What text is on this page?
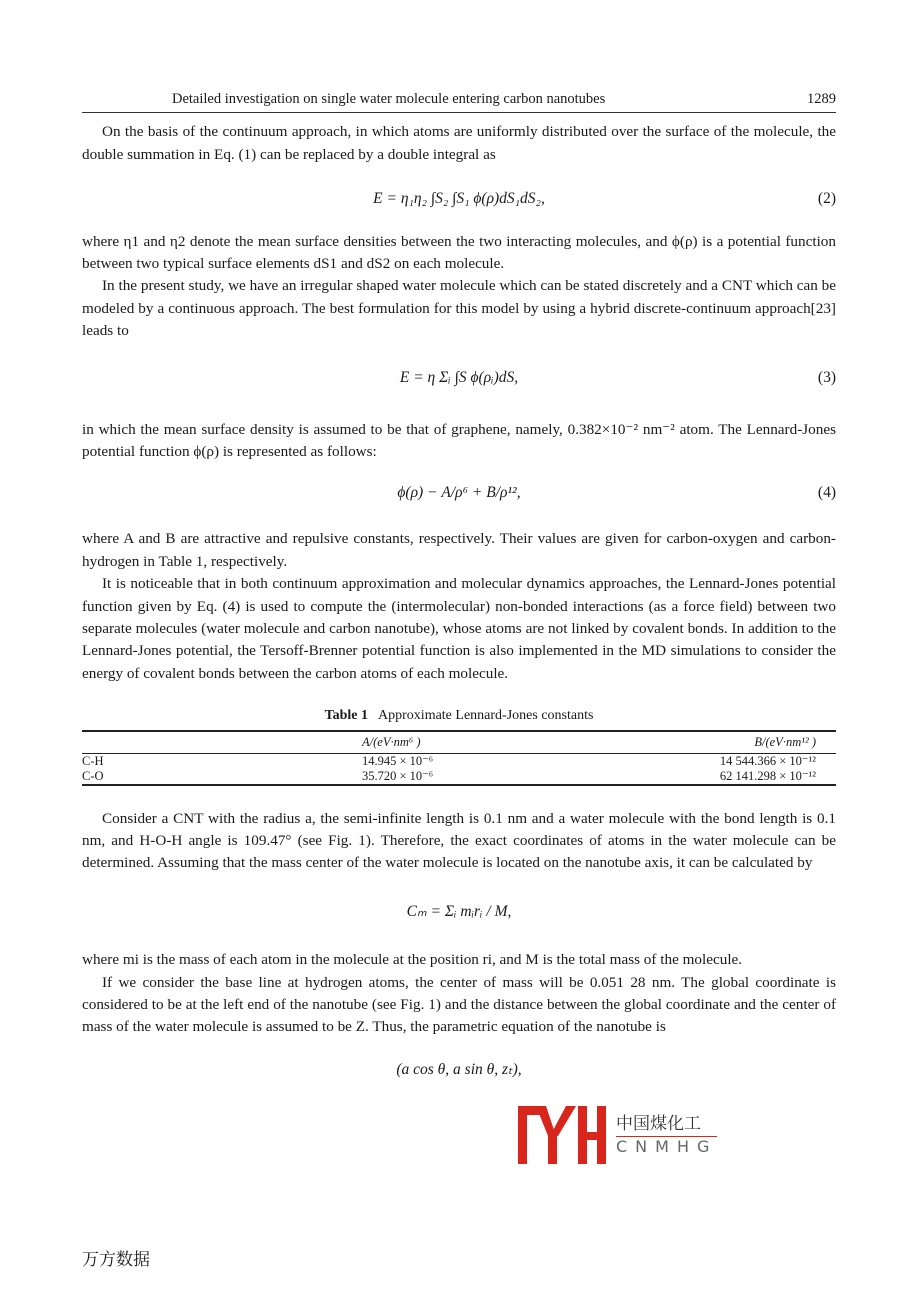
Detailed investigation on single water molecule entering carbon nanotubes	1289

On the basis of the continuum approach, in which atoms are uniformly distributed over the surface of the molecule, the double summation in Eq. (1) can be replaced by a double integral as

E = η₁η₂ ∫S₂ ∫S₁ ϕ(ρ)dS₁dS₂,	(2)

where η1 and η2 denote the mean surface densities between the two interacting molecules, and ϕ(ρ) is a potential function between two typical surface elements dS1 and dS2 on each molecule.

In the present study, we have an irregular shaped water molecule which can be stated discretely and a CNT which can be modeled by a continuous approach. The best formulation for this model by using a hybrid discrete-continuum approach[23] leads to

E = η Σᵢ ∫S ϕ(ρᵢ)dS,	(3)

in which the mean surface density is assumed to be that of graphene, namely, 0.382×10⁻² nm⁻² atom. The Lennard-Jones potential function ϕ(ρ) is represented as follows:

ϕ(ρ) − A/ρ⁶ + B/ρ¹²,	(4)

where A and B are attractive and repulsive constants, respectively. Their values are given for carbon-oxygen and carbon-hydrogen in Table 1, respectively.

It is noticeable that in both continuum approximation and molecular dynamics approaches, the Lennard-Jones potential function given by Eq. (4) is used to compute the (intermolecular) non-bonded interactions (as a force field) between two separate molecules (water molecule and carbon nanotube), whose atoms are not linked by covalent bonds. In addition to the Lennard-Jones potential, the Tersoff-Brenner potential function is also implemented in the MD simulations to consider the energy of covalent bonds between the carbon atoms of each molecule.

Table 1 Approximate Lennard-Jones constants
	A/(eV·nm⁶ )	B/(eV·nm¹² )
C-H	14.945 × 10⁻⁶	14 544.366 × 10⁻¹²
C-O	35.720 × 10⁻⁶	62 141.298 × 10⁻¹²

Consider a CNT with the radius a, the semi-infinite length is 0.1 nm and a water molecule with the bond length is 0.1 nm, and H-O-H angle is 109.47° (see Fig. 1). Therefore, the exact coordinates of atoms in the water molecule can be determined. Assuming that the mass center of the water molecule is located on the nanotube axis, it can be calculated by

Cₘ = Σᵢ mᵢrᵢ / M,

where mi is the mass of each atom in the molecule at the position ri, and M is the total mass of the molecule.

If we consider the base line at hydrogen atoms, the center of mass will be 0.051 28 nm. The global coordinate is considered to be at the left end of the nanotube (see Fig. 1) and the distance between the global coordinate and the center of mass of the water molecule is assumed to be Z. Thus, the parametric equation of the nanotube is

(a cos θ, a sin θ, zₜ),
中国煤化工
CNMHG
万方数据
